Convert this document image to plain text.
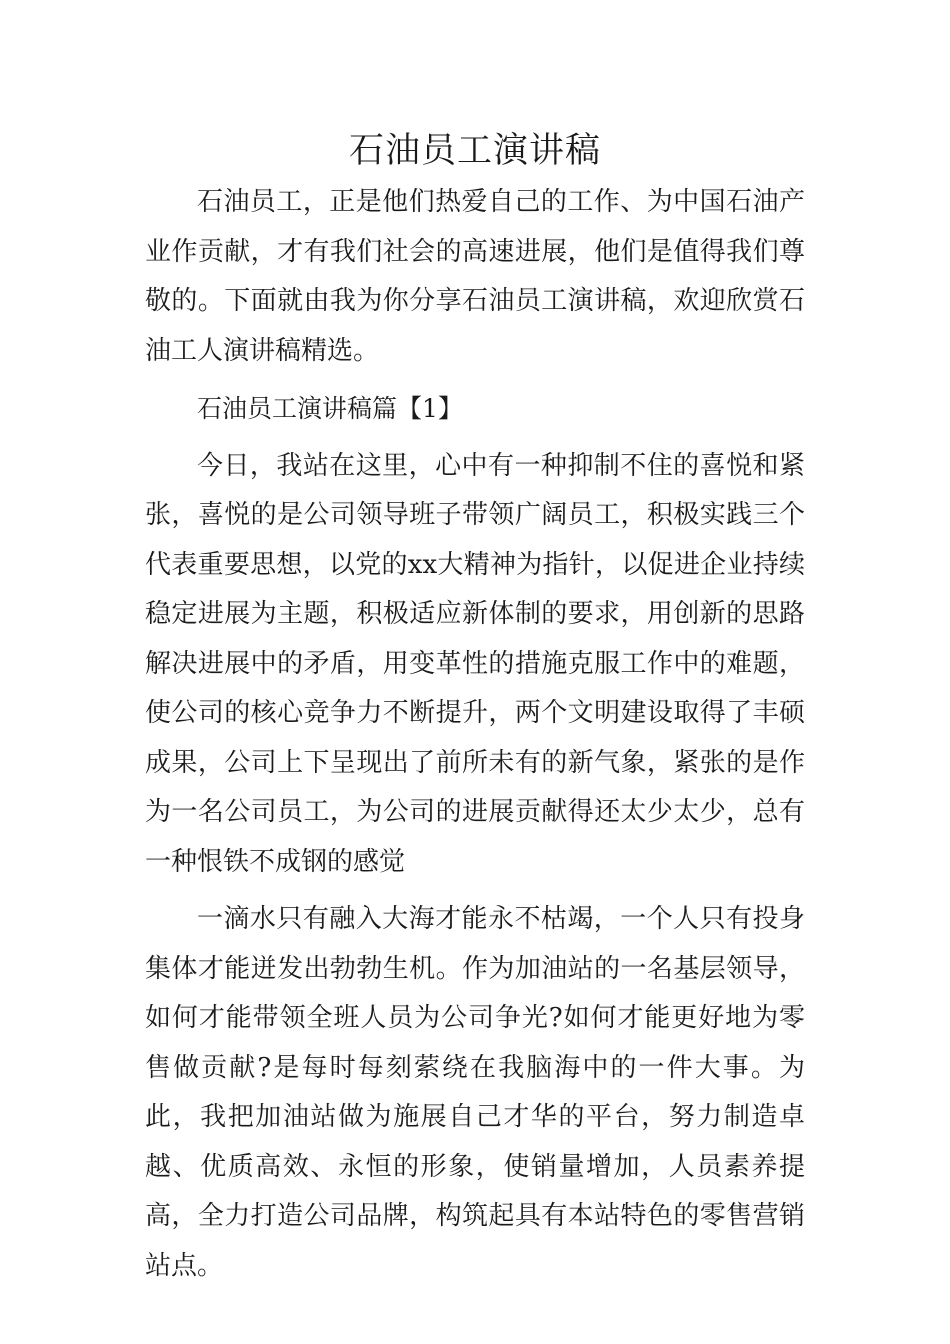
石油员工演讲稿

石油员工，正是他们热爱自己的工作、为中国石油产业作贡献，才有我们社会的高速进展，他们是值得我们尊敬的。下面就由我为你分享石油员工演讲稿，欢迎欣赏石油工人演讲稿精选。

石油员工演讲稿篇【1】

今日，我站在这里，心中有一种抑制不住的喜悦和紧张，喜悦的是公司领导班子带领广阔员工，积极实践三个代表重要思想，以党的xx大精神为指针，以促进企业持续稳定进展为主题，积极适应新体制的要求，用创新的思路解决进展中的矛盾，用变革性的措施克服工作中的难题，使公司的核心竞争力不断提升，两个文明建设取得了丰硕成果，公司上下呈现出了前所未有的新气象，紧张的是作为一名公司员工，为公司的进展贡献得还太少太少，总有一种恨铁不成钢的感觉

一滴水只有融入大海才能永不枯竭，一个人只有投身集体才能迸发出勃勃生机。作为加油站的一名基层领导，如何才能带领全班人员为公司争光?如何才能更好地为零售做贡献?是每时每刻萦绕在我脑海中的一件大事。为此，我把加油站做为施展自己才华的平台，努力制造卓越、优质高效、永恒的形象，使销量增加，人员素养提高，全力打造公司品牌，构筑起具有本站特色的零售营销站点。
